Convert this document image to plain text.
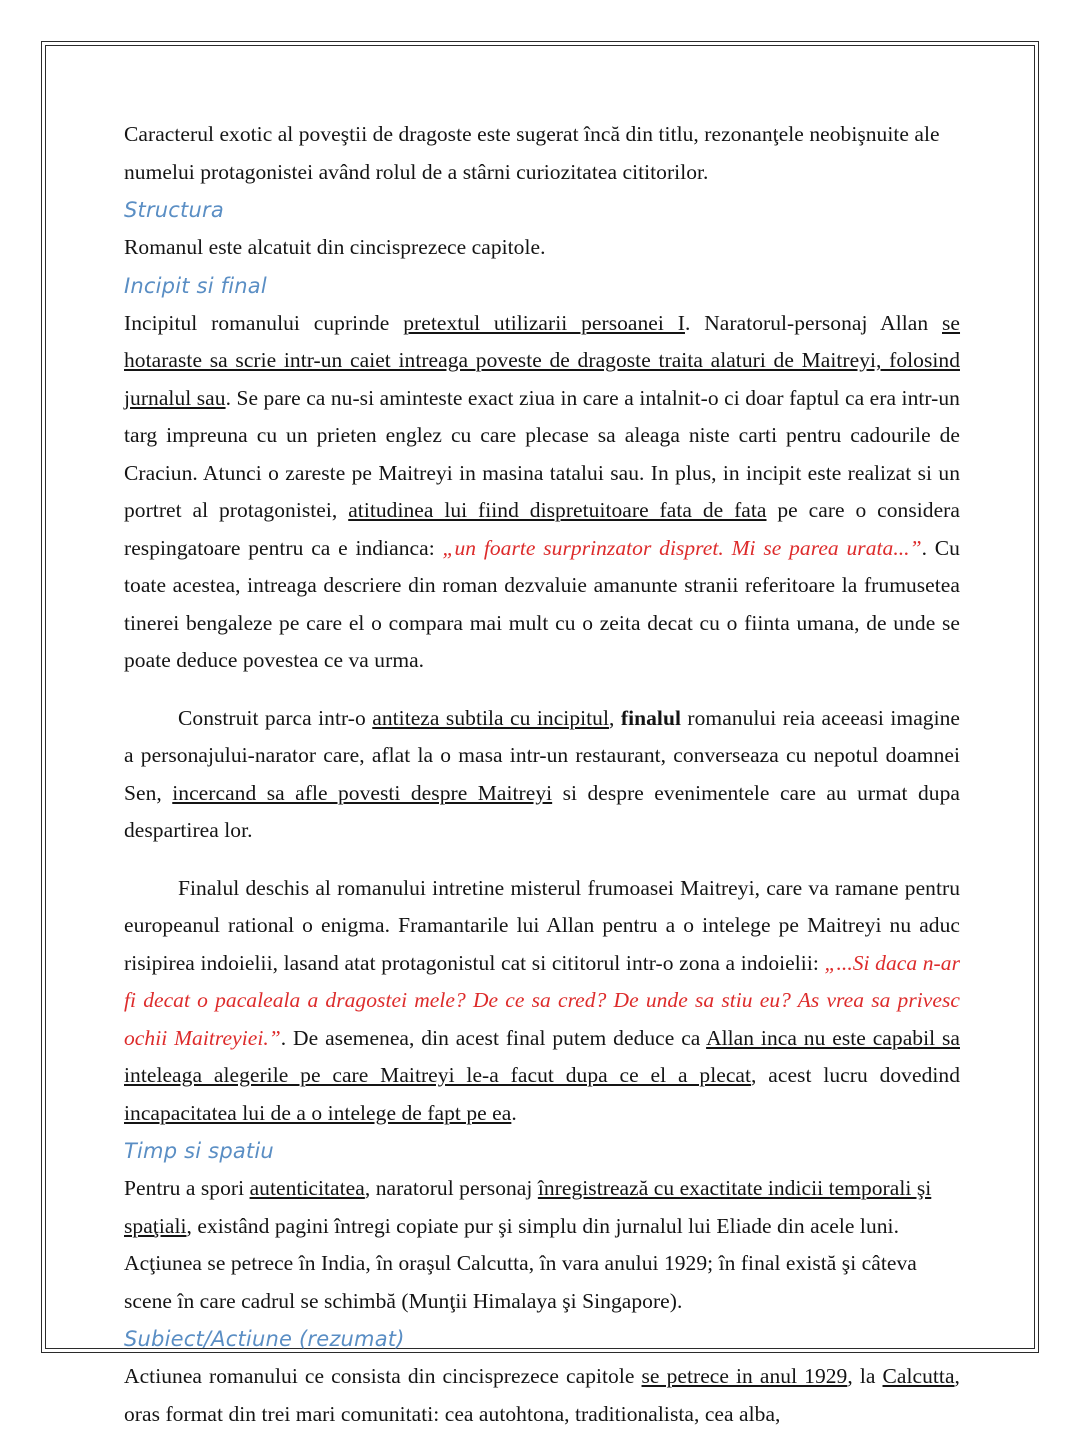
Caracterul exotic al poveştii de dragoste este sugerat încă din titlu, rezonanţele neobişnuite ale numelui protagonistei având rolul de a stârni curiozitatea cititorilor.

Structura

Romanul este alcatuit din cincisprezece capitole.

Incipit si final

Incipitul romanului cuprinde pretextul utilizarii persoanei I. Naratorul-personaj Allan se hotaraste sa scrie intr-un caiet intreaga poveste de dragoste traita alaturi de Maitreyi, folosind jurnalul sau. Se pare ca nu-si aminteste exact ziua in care a intalnit-o ci doar faptul ca era intr-un targ impreuna cu un prieten englez cu care plecase sa aleaga niste carti pentru cadourile de Craciun. Atunci o zareste pe Maitreyi in masina tatalui sau. In plus, in incipit este realizat si un portret al protagonistei, atitudinea lui fiind dispretuitoare fata de fata pe care o considera respingatoare pentru ca e indianca: „un foarte surprinzator dispret. Mi se parea urata...”. Cu toate acestea, intreaga descriere din roman dezvaluie amanunte stranii referitoare la frumusetea tinerei bengaleze pe care el o compara mai mult cu o zeita decat cu o fiinta umana, de unde se poate deduce povestea ce va urma.

Construit parca intr-o antiteza subtila cu incipitul, finalul romanului reia aceeasi imagine a personajului-narator care, aflat la o masa intr-un restaurant, converseaza cu nepotul doamnei Sen, incercand sa afle povesti despre Maitreyi si despre evenimentele care au urmat dupa despartirea lor.

Finalul deschis al romanului intretine misterul frumoasei Maitreyi, care va ramane pentru europeanul rational o enigma. Framantarile lui Allan pentru a o intelege pe Maitreyi nu aduc risipirea indoielii, lasand atat protagonistul cat si cititorul intr-o zona a indoielii: „...Si daca n-ar fi decat o pacaleala a dragostei mele? De ce sa cred? De unde sa stiu eu? As vrea sa privesc ochii Maitreyiei.”. De asemenea, din acest final putem deduce ca Allan inca nu este capabil sa inteleaga alegerile pe care Maitreyi le-a facut dupa ce el a plecat, acest lucru dovedind incapacitatea lui de a o intelege de fapt pe ea.

Timp si spatiu

Pentru a spori autenticitatea, naratorul personaj înregistrează cu exactitate indicii temporali şi spaţiali, existând pagini întregi copiate pur şi simplu din jurnalul lui Eliade din acele luni. Acţiunea se petrece în India, în oraşul Calcutta, în vara anului 1929; în final există şi câteva scene în care cadrul se schimbă (Munţii Himalaya şi Singapore).

Subiect/Actiune (rezumat)

Actiunea romanului ce consista din cincisprezece capitole se petrece in anul 1929, la Calcutta, oras format din trei mari comunitati: cea autohtona, traditionalista, cea alba,
